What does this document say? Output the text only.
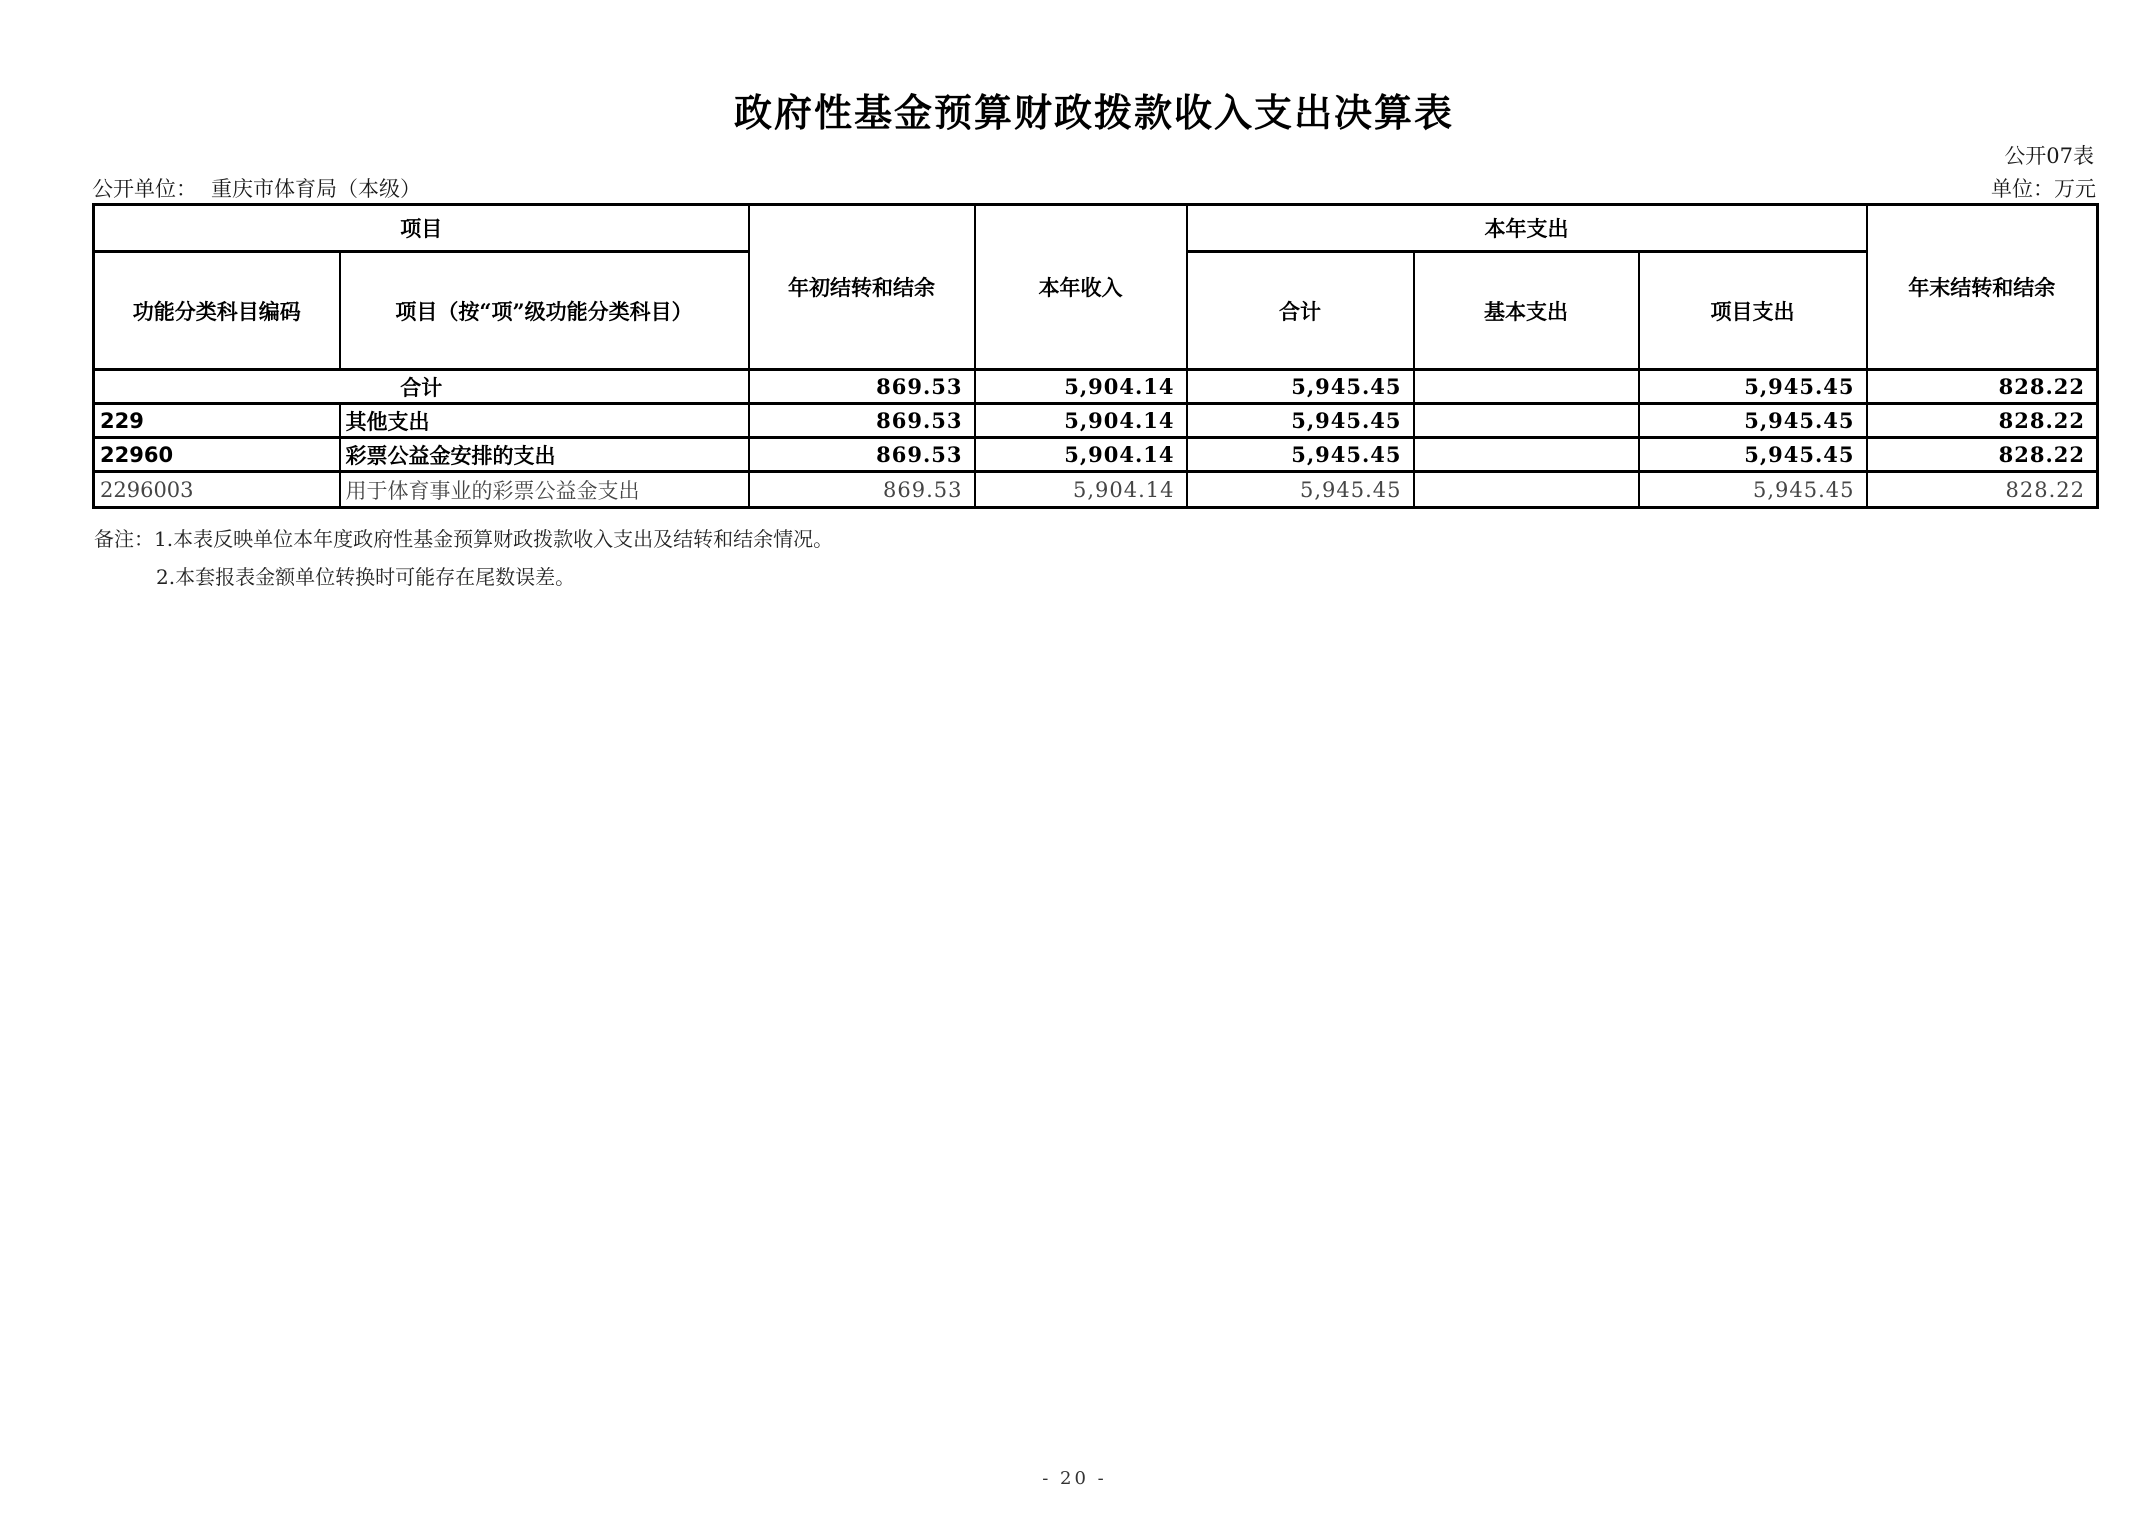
政府性基金预算财政拨款收入支出决算表
公开07表
公开单位： 重庆市体育局（本级）	单位：万元
项目		年初结转和结余	本年收入	本年支出			年末结转和结余
功能分类科目编码	项目（按“项”级功能分类科目）			合计	基本支出	项目支出	
合计		869.53	5,904.14	5,945.45		5,945.45	828.22
229	其他支出	869.53	5,904.14	5,945.45		5,945.45	828.22
22960	彩票公益金安排的支出	869.53	5,904.14	5,945.45		5,945.45	828.22
2296003	用于体育事业的彩票公益金支出	869.53	5,904.14	5,945.45		5,945.45	828.22
备注：1.本表反映单位本年度政府性基金预算财政拨款收入支出及结转和结余情况。
2.本套报表金额单位转换时可能存在尾数误差。
- 20 -
